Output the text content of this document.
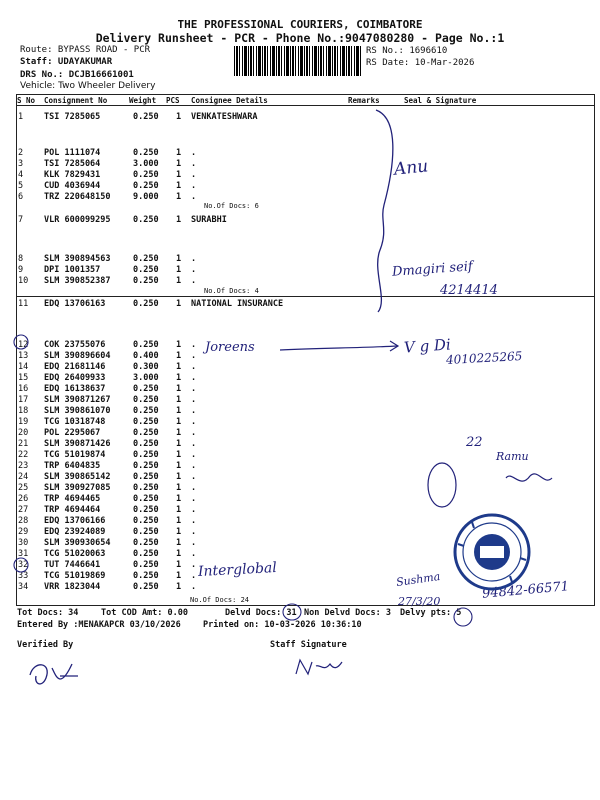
THE PROFESSIONAL COURIERS, COIMBATORE
Delivery Runsheet - PCR - Phone No.:9047080280 - Page No.:1
Route: BYPASS ROAD - PCR
Staff: UDAYAKUMAR
DRS No.: DCJB16661001
RS No.: 1696610
RS Date: 10-Mar-2026
Vehicle: Two Wheeler Delivery
S No Consignment No	Weight PCS Consignee Details	Remarks	Seal & Signature
1 TSI 7285065	0.250 1 VENKATESHWARA
2 POL 1111074	0.250 1 .
3 TSI 7285064	3.000 1 .
4 KLK 7829431	0.250 1 .
5 CUD 4036944	0.250 1 .
6 TRZ 220648150	9.000 1 .
7 VLR 600099295	0.250 1 SURABHI
8 SLM 390894563	0.250 1 .
9 DPI 1001357	0.250 1 .
10 SLM 390852387	0.250 1 .
11 EDQ 13706163	0.250 1 NATIONAL INSURANCE
12 COK 23755076	0.250 1 .
13 SLM 390896604	0.400 1 .
14 EDQ 21681146	0.300 1 .
15 EDQ 26409933	3.000 1 .
16 EDQ 16138637	0.250 1 .
17 SLM 390871267	0.250 1 .
18 SLM 390861070	0.250 1 .
19 TCG 10318748	0.250 1 .
20 POL 2295067	0.250 1 .
21 SLM 390871426	0.250 1 .
22 TCG 51019874	0.250 1 .
23 TRP 6404835	0.250 1 .
24 SLM 390865142	0.250 1 .
25 SLM 390927085	0.250 1 .
26 TRP 4694465	0.250 1 .
27 TRP 4694464	0.250 1 .
28 EDQ 13706166	0.250 1 .
29 EDQ 23924089	0.250 1 .
30 SLM 390930654	0.250 1 .
31 TCG 51020063	0.250 1 .
32 TUT 7446641	0.250 1 .
33 TCG 51019869	0.250 1 .
34 VRR 1823044	0.250 1 .
No.Of Docs: 6
No.Of Docs: 4
No.Of Docs: 24
Tot Docs: 34	Tot COD Amt: 0.00	Delvd Docs: 31 Non Delvd Docs: 3 Delvy pts: 5
Entered By :MENAKAPCR 03/10/2026	Printed on: 10-03-2026 10:36:10
Verified By	Staff Signature
Anu
Dmagiri seif
4214414
Joreens	V g Di
4010225265
22
Ramu
Interglobal	Sushma
27/3/20	94842-66571
